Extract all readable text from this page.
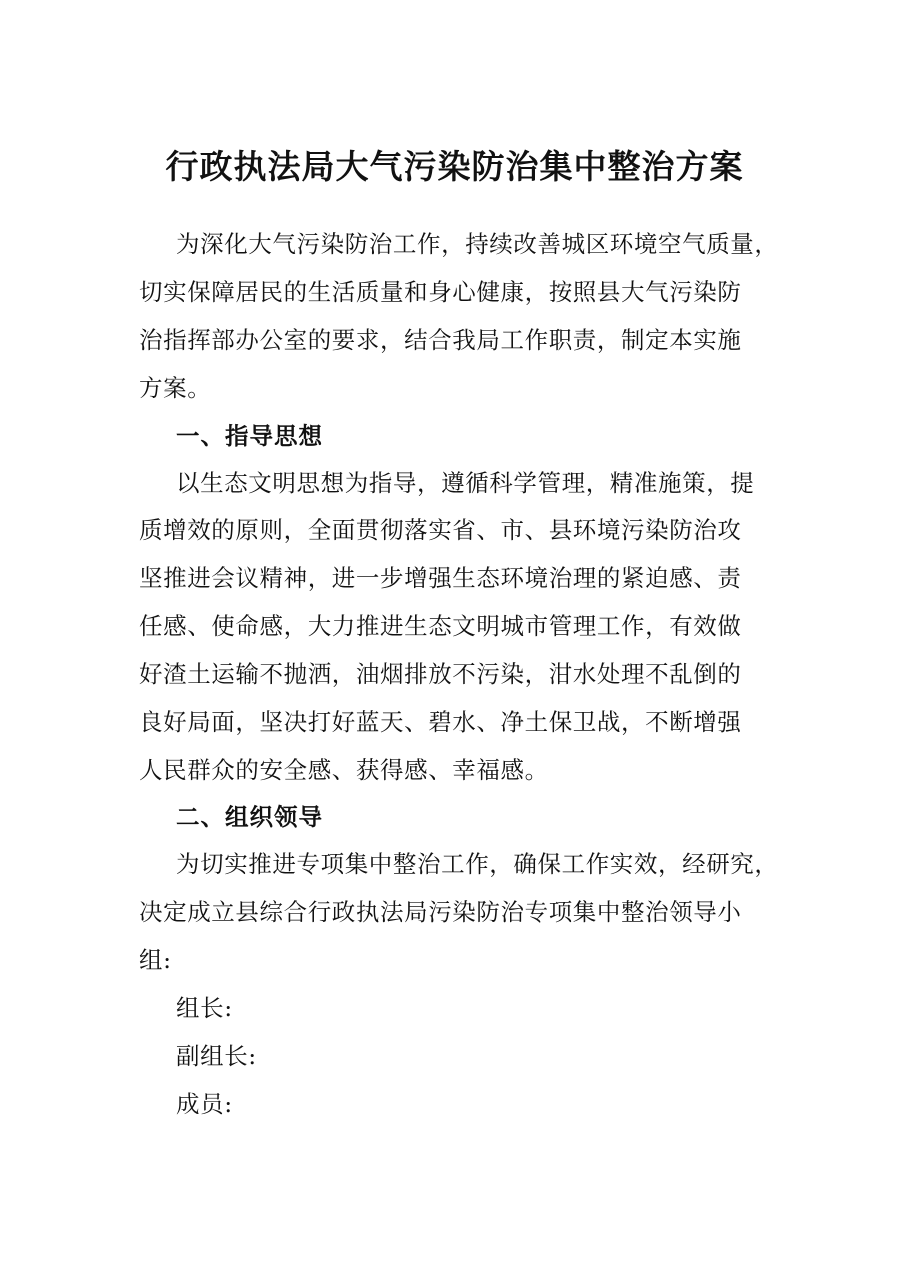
行政执法局大气污染防治集中整治方案
为深化大气污染防治工作，持续改善城区环境空气质量，
切实保障居民的生活质量和身心健康，按照县大气污染防
治指挥部办公室的要求，结合我局工作职责，制定本实施
方案。
一、指导思想
以生态文明思想为指导，遵循科学管理，精准施策，提
质增效的原则，全面贯彻落实省、市、县环境污染防治攻
坚推进会议精神，进一步增强生态环境治理的紧迫感、责
任感、使命感，大力推进生态文明城市管理工作，有效做
好渣土运输不抛洒，油烟排放不污染，泔水处理不乱倒的
良好局面，坚决打好蓝天、碧水、净土保卫战，不断增强
人民群众的安全感、获得感、幸福感。
二、组织领导
为切实推进专项集中整治工作，确保工作实效，经研究，
决定成立县综合行政执法局污染防治专项集中整治领导小
组:
组长:
副组长:
成员:
